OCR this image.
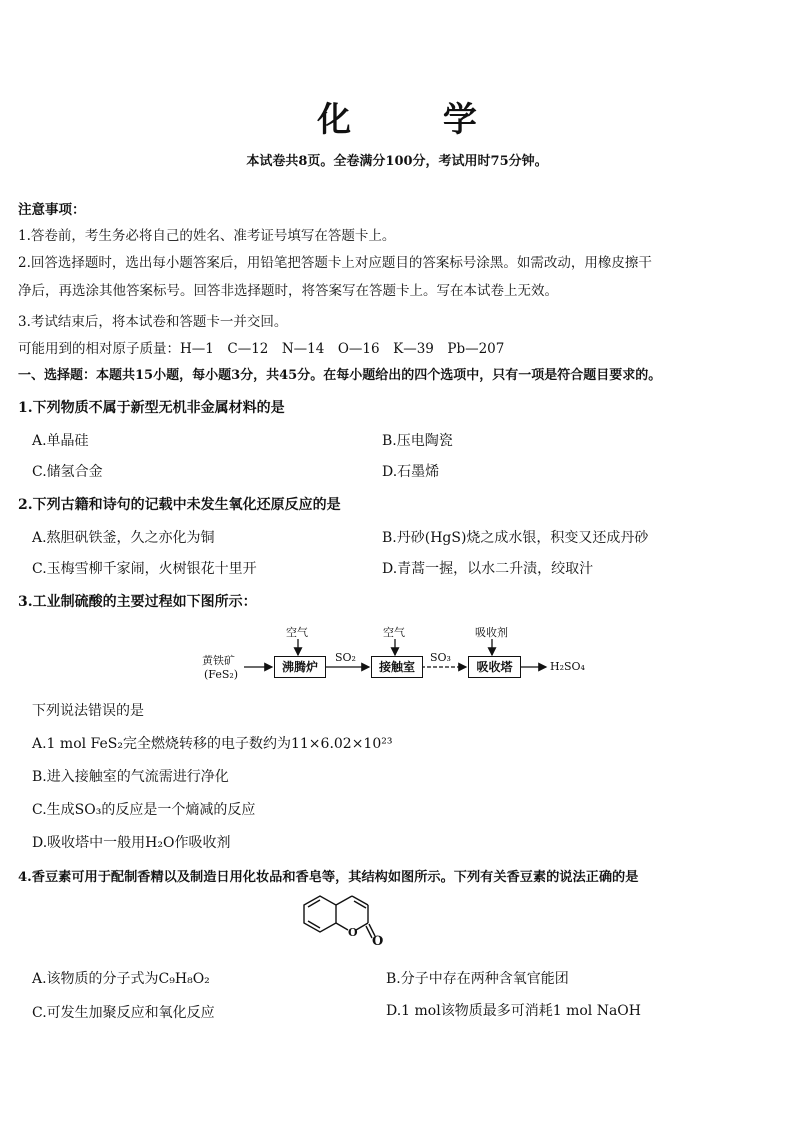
化 学
本试卷共8页。全卷满分100分，考试用时75分钟。
注意事项：
1.答卷前，考生务必将自己的姓名、准考证号填写在答题卡上。
2.回答选择题时，选出每小题答案后，用铅笔把答题卡上对应题目的答案标号涂黑。如需改动，用橡皮擦干
净后，再选涂其他答案标号。回答非选择题时，将答案写在答题卡上。写在本试卷上无效。
3.考试结束后，将本试卷和答题卡一并交回。
可能用到的相对原子质量：H—1　C—12　N—14　O—16　K—39　Pb—207
一、选择题：本题共15小题，每小题3分，共45分。在每小题给出的四个选项中，只有一项是符合题目要求的。
1.下列物质不属于新型无机非金属材料的是
A.单晶硅	B.压电陶瓷
C.储氢合金	D.石墨烯
2.下列古籍和诗句的记载中未发生氧化还原反应的是
A.熬胆矾铁釜，久之亦化为铜	B.丹砂(HgS)烧之成水银，积变又还成丹砂
C.玉梅雪柳千家闹，火树银花十里开	D.青蒿一握，以水二升渍，绞取汁
3.工业制硫酸的主要过程如下图所示：
黄铁矿
(FeS₂)
沸腾炉	接触室	吸收塔
空气	空气	吸收剂
SO₂	SO₃
H₂SO₄
下列说法错误的是
A.1 mol FeS₂完全燃烧转移的电子数约为11×6.02×10²³
B.进入接触室的气流需进行净化
C.生成SO₃的反应是一个熵减的反应
D.吸收塔中一般用H₂O作吸收剂
4.香豆素可用于配制香精以及制造日用化妆品和香皂等，其结构如图所示。下列有关香豆素的说法正确的是
O
O
A.该物质的分子式为C₉H₈O₂	B.分子中存在两种含氧官能团
C.可发生加聚反应和氧化反应	D.1 mol该物质最多可消耗1 mol NaOH
